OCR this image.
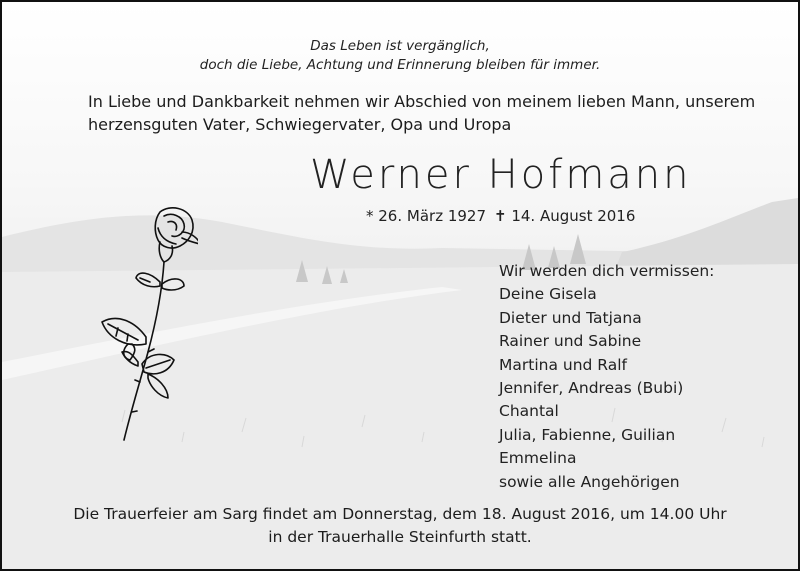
Das Leben ist vergänglich,
doch die Liebe, Achtung und Erinnerung bleiben für immer.
In Liebe und Dankbarkeit nehmen wir Abschied von meinem lieben Mann, unserem
herzensguten Vater, Schwiegervater, Opa und Uropa
Werner Hofmann
* 26. März 1927 ✝ 14. August 2016
Wir werden dich vermissen:
Deine Gisela
Dieter und Tatjana
Rainer und Sabine
Martina und Ralf
Jennifer, Andreas (Bubi)
Chantal
Julia, Fabienne, Guilian
Emmelina
sowie alle Angehörigen
Die Trauerfeier am Sarg findet am Donnerstag, dem 18. August 2016, um 14.00 Uhr
in der Trauerhalle Steinfurth statt.
